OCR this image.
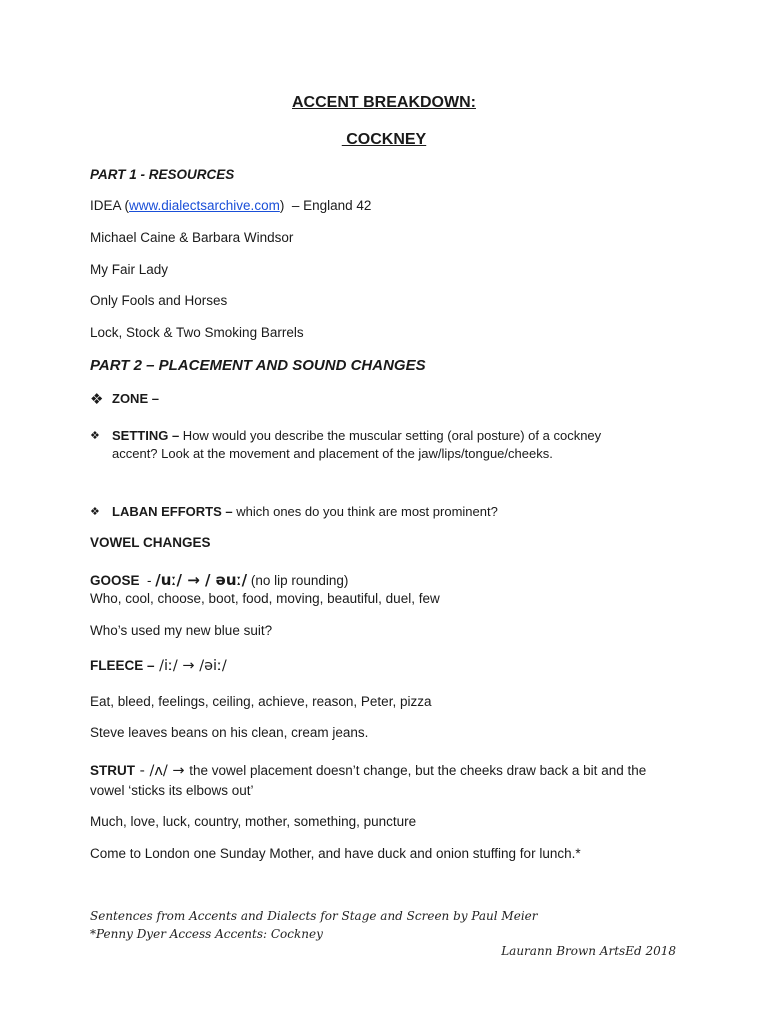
ACCENT BREAKDOWN:
COCKNEY
PART 1 - RESOURCES
IDEA (www.dialectsarchive.com)  – England 42
Michael Caine & Barbara Windsor
My Fair Lady
Only Fools and Horses
Lock, Stock & Two Smoking Barrels
PART 2 – PLACEMENT AND SOUND CHANGES
❖ ZONE –
❖ SETTING – How would you describe the muscular setting (oral posture) of a cockney accent? Look at the movement and placement of the jaw/lips/tongue/cheeks.
❖ LABAN EFFORTS – which ones do you think are most prominent?
VOWEL CHANGES
GOOSE  - /uː/ → / əuː/ (no lip rounding)
Who, cool, choose, boot, food, moving, beautiful, duel, few
Who’s used my new blue suit?
FLEECE – /iː/ → /əiː/
Eat, bleed, feelings, ceiling, achieve, reason, Peter, pizza
Steve leaves beans on his clean, cream jeans.
STRUT - /ʌ/ → the vowel placement doesn’t change, but the cheeks draw back a bit and the vowel ‘sticks its elbows out’
Much, love, luck, country, mother, something, puncture
Come to London one Sunday Mother, and have duck and onion stuffing for lunch.*
Sentences from Accents and Dialects for Stage and Screen by Paul Meier
*Penny Dyer Access Accents: Cockney
Laurann Brown ArtsEd 2018
